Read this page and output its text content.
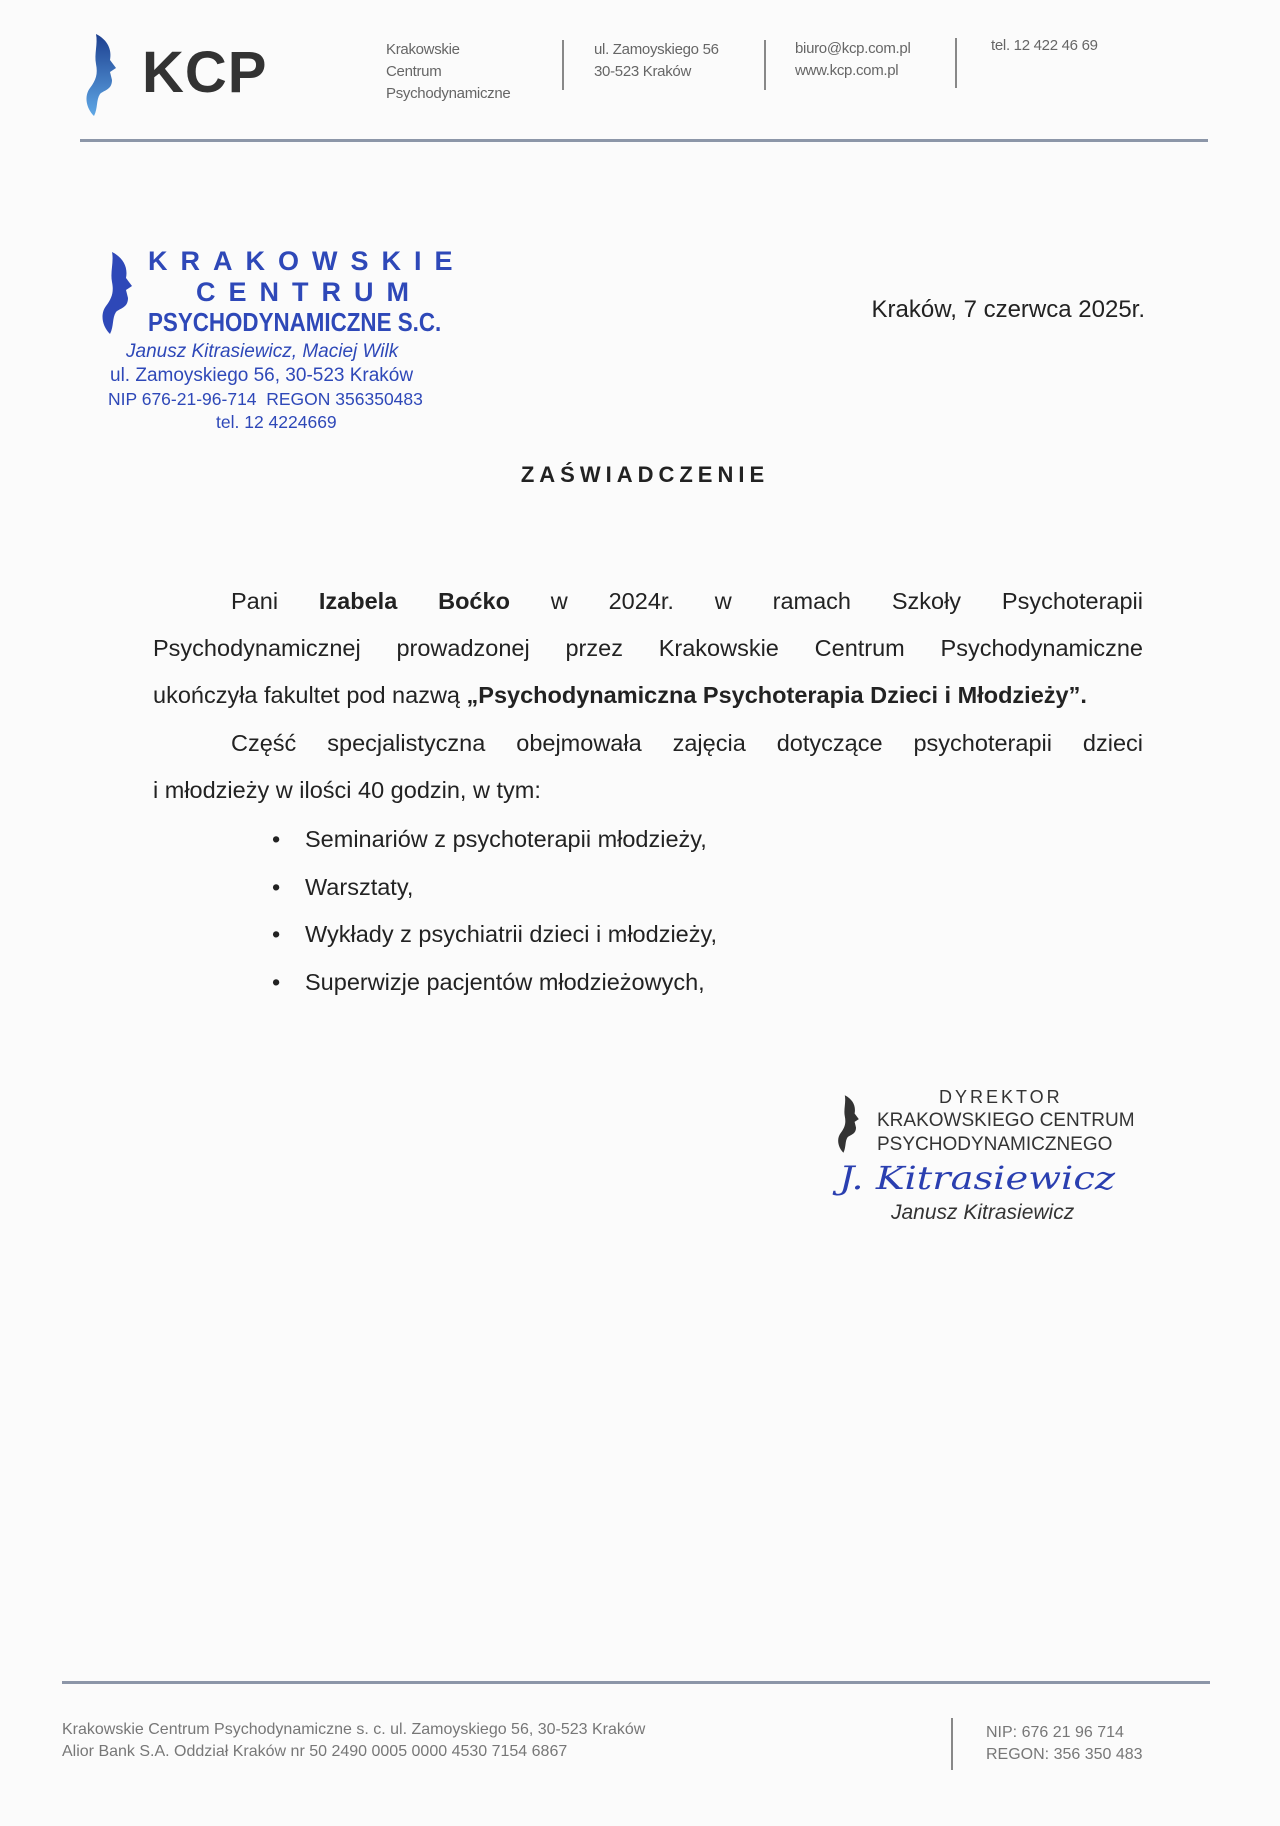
KCP	Krakowskie
Centrum
Psychodynamiczne
ul. Zamoyskiego 56
30-523 Kraków
biuro@kcp.com.pl
www.kcp.com.pl
tel. 12 422 46 69
KRAKOWSKIE
CENTRUM
PSYCHODYNAMICZNE S.C.
Janusz Kitrasiewicz, Maciej Wilk
ul. Zamoyskiego 56, 30-523 Kraków
NIP 676-21-96-714  REGON 356350483
tel. 12 4224669
Kraków, 7 czerwca 2025r.
ZAŚWIADCZENIE
Pani Izabela Boćko w 2024r. w ramach Szkoły Psychoterapii
Psychodynamicznej prowadzonej przez Krakowskie Centrum Psychodynamiczne
ukończyła fakultet pod nazwą „Psychodynamiczna Psychoterapia Dzieci i Młodzieży”.
Część specjalistyczna obejmowała zajęcia dotyczące psychoterapii dzieci
i młodzieży w ilości 40 godzin, w tym:
• Seminariów z psychoterapii młodzieży,
• Warsztaty,
• Wykłady z psychiatrii dzieci i młodzieży,
• Superwizje pacjentów młodzieżowych,
DYREKTOR
KRAKOWSKIEGO CENTRUM
PSYCHODYNAMICZNEGO
J. Kitrasiewicz
Janusz Kitrasiewicz
Krakowskie Centrum Psychodynamiczne s. c. ul. Zamoyskiego 56, 30-523 Kraków
Alior Bank S.A. Oddział Kraków nr 50 2490 0005 0000 4530 7154 6867
NIP: 676 21 96 714
REGON: 356 350 483
